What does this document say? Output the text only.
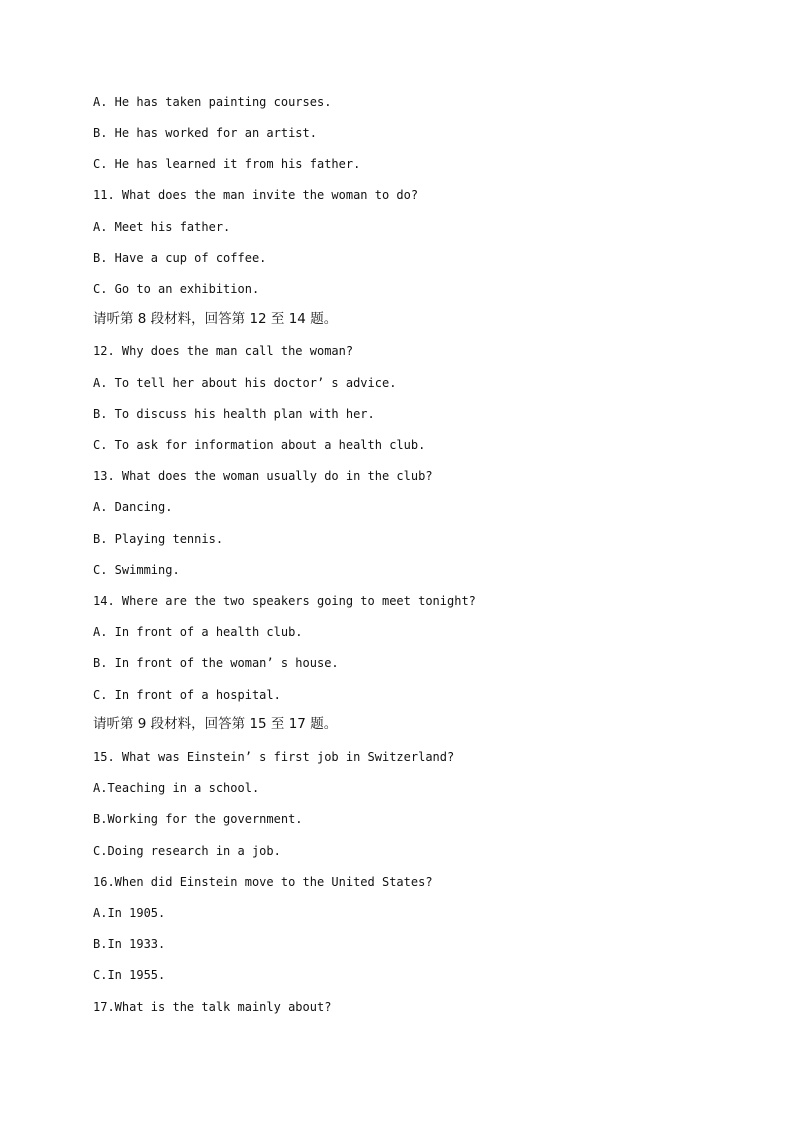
A. He has taken painting courses.
B. He has worked for an artist.
C. He has learned it from his father.
11. What does the man invite the woman to do?
A. Meet his father.
B. Have a cup of coffee.
C. Go to an exhibition.
请听第 8 段材料，回答第 12 至 14 题。
12. Why does the man call the woman?
A. To tell her about his doctor’ s advice.
B. To discuss his health plan with her.
C. To ask for information about a health club.
13. What does the woman usually do in the club?
A. Dancing.
B. Playing tennis.
C. Swimming.
14. Where are the two speakers going to meet tonight?
A. In front of a health club.
B. In front of the woman’ s house.
C. In front of a hospital.
请听第 9 段材料，回答第 15 至 17 题。
15. What was Einstein’ s first job in Switzerland?
A.Teaching in a school.
B.Working for the government.
C.Doing research in a job.
16.When did Einstein move to the United States?
A.In 1905.
B.In 1933.
C.In 1955.
17.What is the talk mainly about?
